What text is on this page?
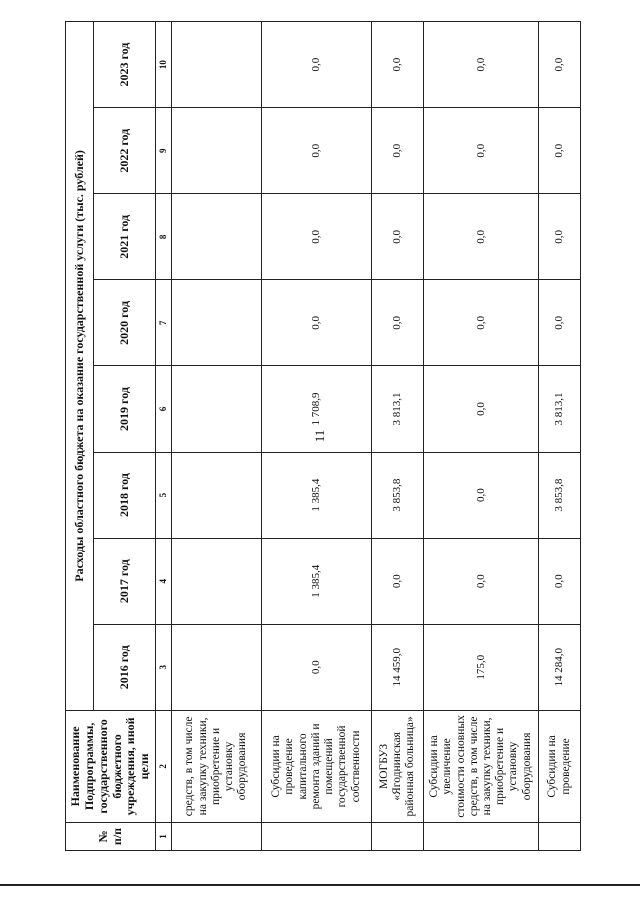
11
№ п/п	Наименование Подпрограммы, государственного бюджетного учреждения, иной цели	Расходы областного бюджета на оказание государственной услуги (тыс. рублей)							
		2016 год	2017 год	2018 год	2019 год	2020 год	2021 год	2022 год	2023 год
1	2	3	4	5	6	7	8	9	10
	средств, в том числе на закупку техники, приобретение и установку оборудования								
	Субсидии на проведение капитального ремонта зданий и помещений государственной собственности	0,0	1 385,4	1 385,4	1 708,9	0,0	0,0	0,0	0,0
	МОГБУЗ «Ягоднинская районная больница»	14 459,0	0,0	3 853,8	3 813,1	0,0	0,0	0,0	0,0
	Субсидии на увеличение стоимости основных средств, в том числе на закупку техники, приобретение и установку оборудования	175,0	0,0	0,0	0,0	0,0	0,0	0,0	0,0
	Субсидии на проведение	14 284,0	0,0	3 853,8	3 813,1	0,0	0,0	0,0	0,0
